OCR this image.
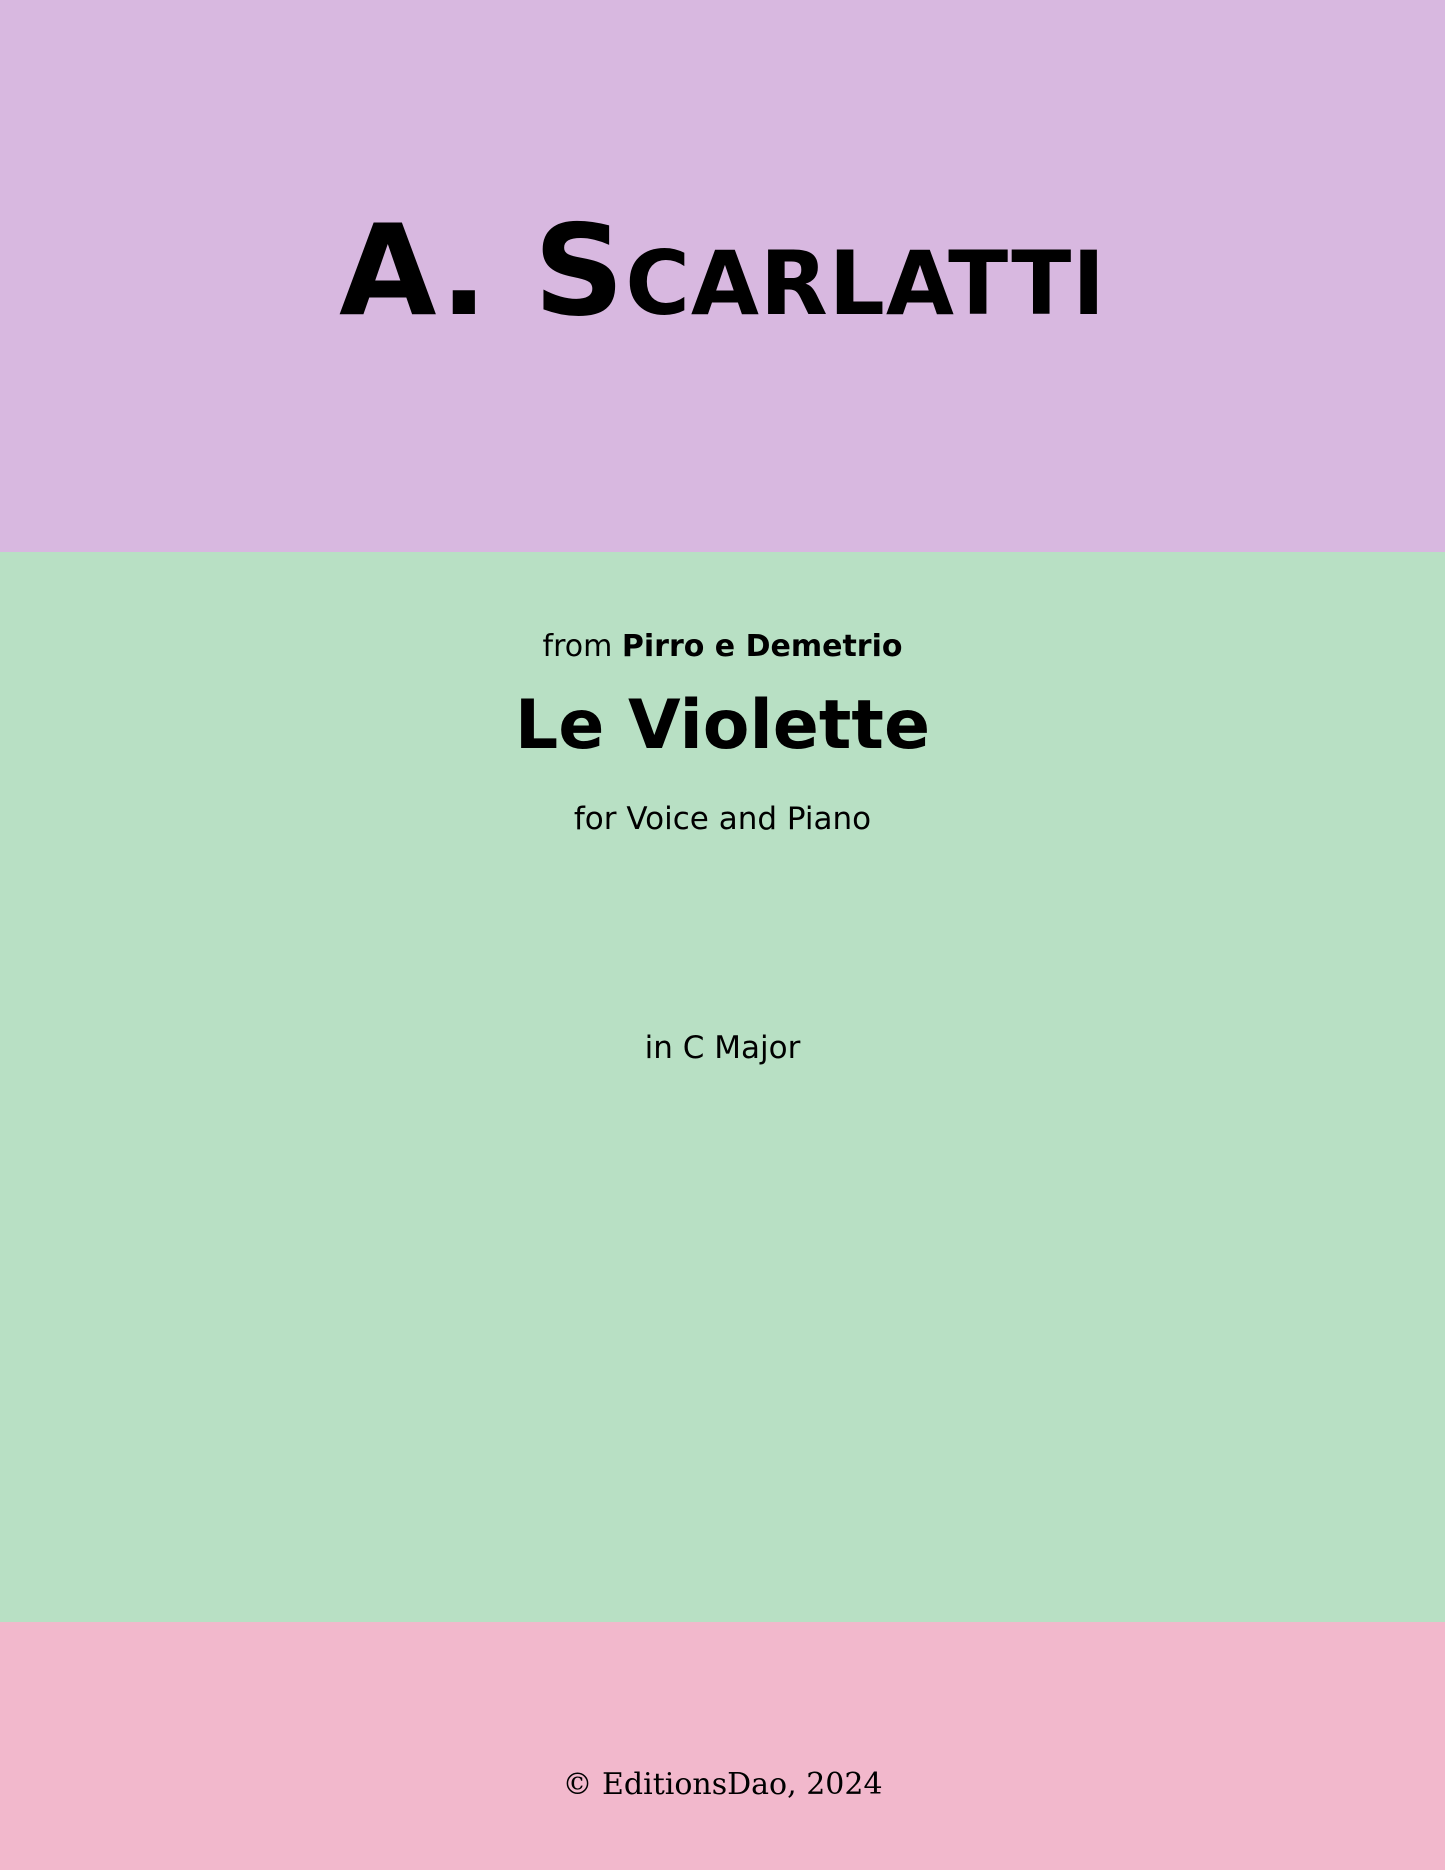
A. Scarlatti
from Pirro e Demetrio
Le Violette
for Voice and Piano
in C Major
© EditionsDao, 2024
